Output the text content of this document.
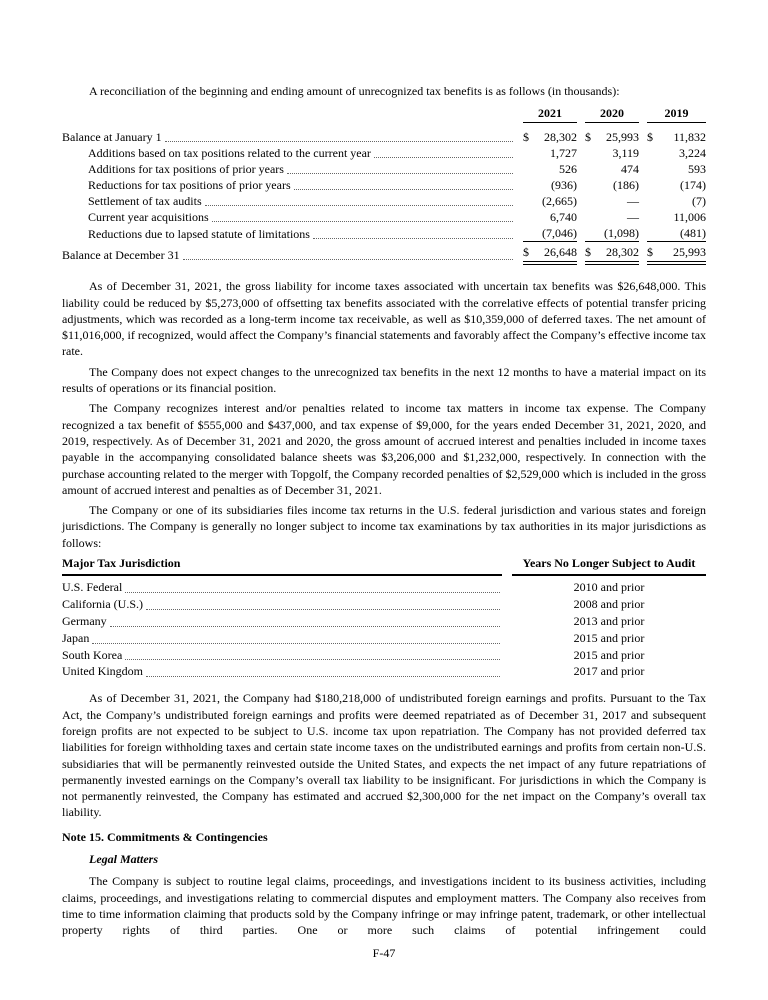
A reconciliation of the beginning and ending amount of unrecognized tax benefits is as follows (in thousands):

		2021			2020			2019	

Balance at January 1		$	28,302		$	25,993		$	11,832

Additions based on tax positions related to the current year			1,727			3,119			3,224

Additions for tax positions of prior years			526			474			593

Reductions for tax positions of prior years			(936)			(186)			(174)

Settlement of tax audits			(2,665)			—			(7)

Current year acquisitions			6,740			—			11,006

Reductions due to lapsed statute of limitations			(7,046)			(1,098)			(481)

Balance at December 31		$	26,648		$	28,302		$	25,993

As of December 31, 2021, the gross liability for income taxes associated with uncertain tax benefits was $26,648,000. This liability could be reduced by $5,273,000 of offsetting tax benefits associated with the correlative effects of potential transfer pricing adjustments, which was recorded as a long-term income tax receivable, as well as $10,359,000 of deferred taxes. The net amount of $11,016,000, if recognized, would affect the Company’s financial statements and favorably affect the Company’s effective income tax rate.

The Company does not expect changes to the unrecognized tax benefits in the next 12 months to have a material impact on its results of operations or its financial position.

The Company recognizes interest and/or penalties related to income tax matters in income tax expense. The Company recognized a tax benefit of $555,000 and $437,000, and tax expense of $9,000, for the years ended December 31, 2021, 2020, and 2019, respectively. As of December 31, 2021 and 2020, the gross amount of accrued interest and penalties included in income taxes payable in the accompanying consolidated balance sheets was $3,206,000 and $1,232,000, respectively. In connection with the purchase accounting related to the merger with Topgolf, the Company recorded penalties of $2,529,000 which is included in the gross amount of accrued interest and penalties as of December 31, 2021.

The Company or one of its subsidiaries files income tax returns in the U.S. federal jurisdiction and various states and foreign jurisdictions. The Company is generally no longer subject to income tax examinations by tax authorities in its major jurisdictions as follows:

Major Tax Jurisdiction		Years No Longer Subject to Audit

U.S. Federal		2010 and prior

California (U.S.)		2008 and prior

Germany		2013 and prior

Japan		2015 and prior

South Korea		2015 and prior

United Kingdom		2017 and prior

As of December 31, 2021, the Company had $180,218,000 of undistributed foreign earnings and profits. Pursuant to the Tax Act, the Company’s undistributed foreign earnings and profits were deemed repatriated as of December 31, 2017 and subsequent foreign profits are not expected to be subject to U.S. income tax upon repatriation. The Company has not provided deferred tax liabilities for foreign withholding taxes and certain state income taxes on the undistributed earnings and profits from certain non-U.S. subsidiaries that will be permanently reinvested outside the United States, and expects the net impact of any future repatriations of permanently invested earnings on the Company’s overall tax liability to be insignificant. For jurisdictions in which the Company is not permanently reinvested, the Company has estimated and accrued $2,300,000 for the net impact on the Company’s overall tax liability.

Note 15. Commitments & Contingencies
Legal Matters

The Company is subject to routine legal claims, proceedings, and investigations incident to its business activities, including claims, proceedings, and investigations relating to commercial disputes and employment matters. The Company also receives from time to time information claiming that products sold by the Company infringe or may infringe patent, trademark, or other intellectual property rights of third parties. One or more such claims of potential infringement could

F-47
